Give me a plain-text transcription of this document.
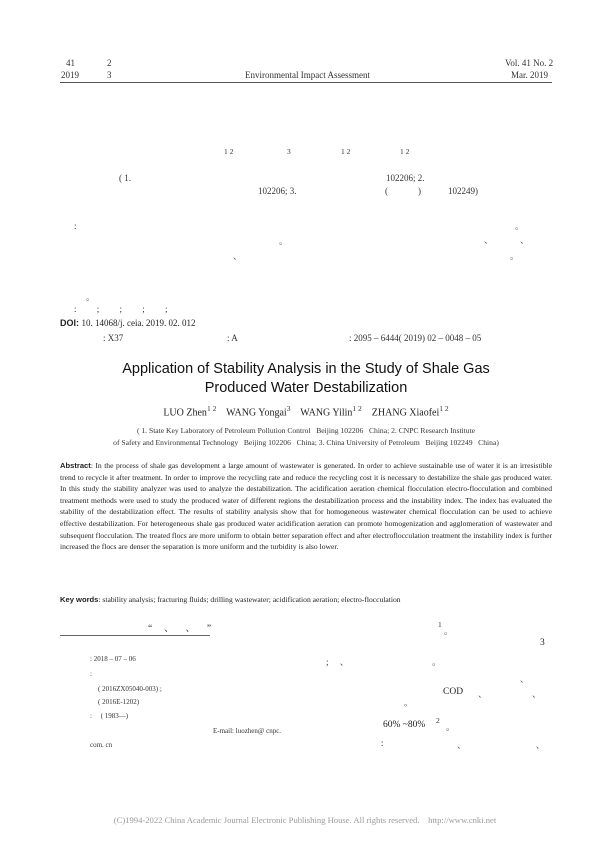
41	2
2019	3	Environmental Impact Assessment
Vol. 41 No. 2
Mar. 2019
1 2	3	1 2	1 2
( 1.	102206; 2.
102206; 3.	(	)	102249)
:	。
。	、	、
、	。
。
:         ;         ;         ;         ;
DOI: 10. 14068/j. ceia. 2019. 02. 012
: X37	: A	: 2095 – 6444( 2019) 02 – 0048 – 05
Application of Stability Analysis in the Study of Shale Gas
Produced Water Destabilization
LUO Zhen$^{1 2}$ WANG Yongai$^3$ WANG Yilin$^{1 2}$ ZHANG Xiaofei$^{1 2}$
( 1. State Key Laboratory of Petroleum Pollution Control   Beijing 102206   China; 2. CNPC Research Institute
of Safety and Environmental Technology   Beijing 102206   China; 3. China University of Petroleum   Beijing 102249   China)
Abstract: In the process of shale gas development a large amount of wastewater is generated. In order to achieve sustainable use of water it is an irresistible trend to recycle it after treatment. In order to improve the recycling rate and reduce the recycling cost it is necessary to destabilize the shale gas produced water. In this study the stability analyzer was used to analyze the destabilization. The acidification aeration chemical flocculation electro-flocculation and combined treatment methods were used to study the produced water of different regions the destabilization process and the instability index. The index has evaluated the stability of the destabilization effect. The results of stability analysis show that for homogeneous wastewater chemical flocculation can be used to achieve effective destabilization. For heterogeneous shale gas produced water acidification aeration can promote homogenization and agglomeration of wastewater and subsequent flocculation. The treated flocs are more uniform to obtain better separation effect and after electroflocculation treatment the instability index is further increased the flocs are denser the separation is more uniform and the turbidity is also lower.
Key words: stability analysis; fracturing fluids; drilling wastewater; acidification aeration; electro-flocculation
“     、     、     ”	1
。
3
;     、	。
、
COD 、                    、
°
60% ~80% 2
。
:	、                               、
: 2018 – 07 – 06
:
( 2016ZX05040-003) ;
( 2016E-1202)
:     ( 1983—)
E-mail: luozhen@ cnpc.
com. cn
(C)1994-2022 China Academic Journal Electronic Publishing House. All rights reserved.    http://www.cnki.net
